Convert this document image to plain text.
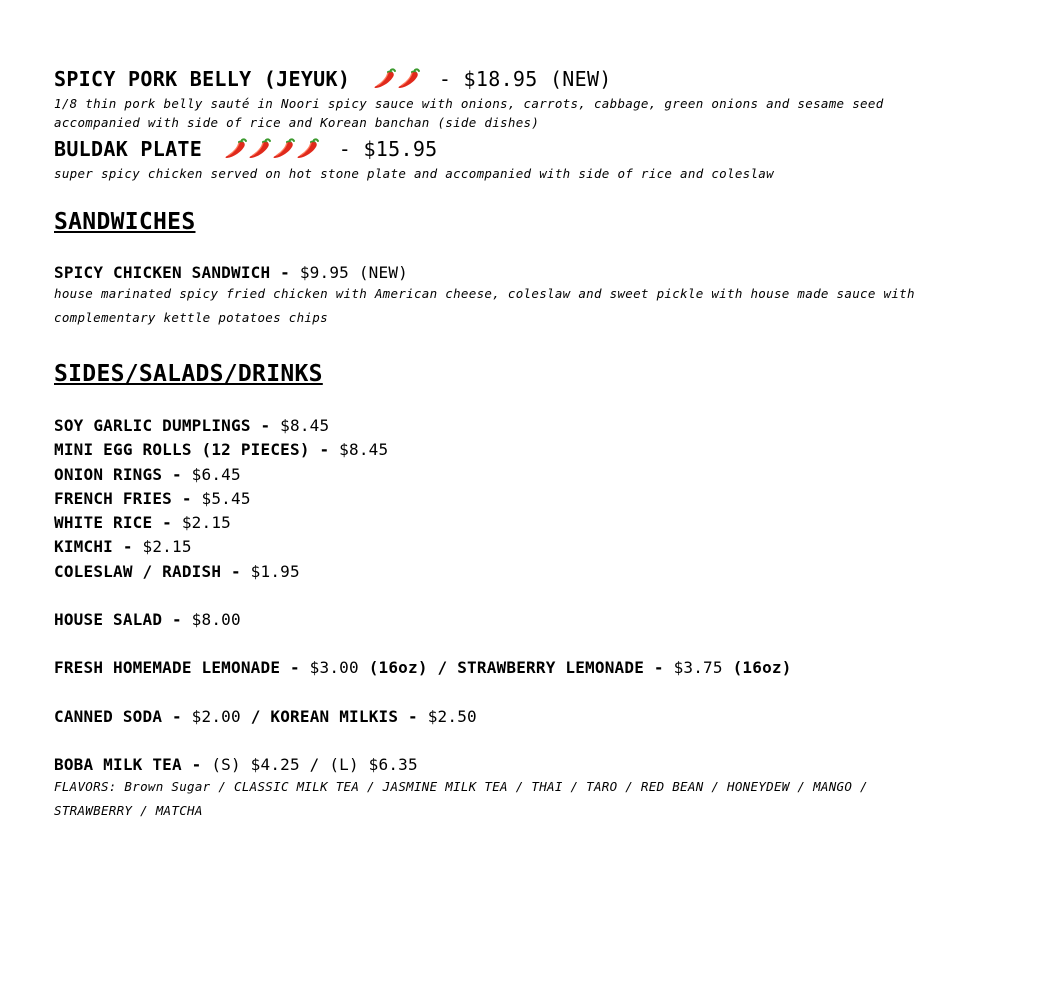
SPICY PORK BELLY (JEYUK)	- $18.95 (NEW)
1/8 thin pork belly sauté in Noori spicy sauce with onions, carrots, cabbage, green onions and sesame seed
accompanied with side of rice and Korean banchan (side dishes)
BULDAK PLATE	- $15.95
super spicy chicken served on hot stone plate and accompanied with side of rice and coleslaw
SANDWICHES
SPICY CHICKEN SANDWICH - $9.95 (NEW)
house marinated spicy fried chicken with American cheese, coleslaw and sweet pickle with house made sauce with
complementary kettle potatoes chips
SIDES/SALADS/DRINKS
SOY GARLIC DUMPLINGS - $8.45
MINI EGG ROLLS (12 PIECES) - $8.45
ONION RINGS - $6.45
FRENCH FRIES - $5.45
WHITE RICE - $2.15
KIMCHI - $2.15
COLESLAW / RADISH - $1.95
HOUSE SALAD - $8.00
FRESH HOMEMADE LEMONADE - $3.00 (16oz) / STRAWBERRY LEMONADE - $3.75 (16oz)
CANNED SODA - $2.00 / KOREAN MILKIS - $2.50
BOBA MILK TEA - (S) $4.25 / (L) $6.35
FLAVORS: Brown Sugar / CLASSIC MILK TEA / JASMINE MILK TEA / THAI / TARO / RED BEAN / HONEYDEW / MANGO /
STRAWBERRY / MATCHA
